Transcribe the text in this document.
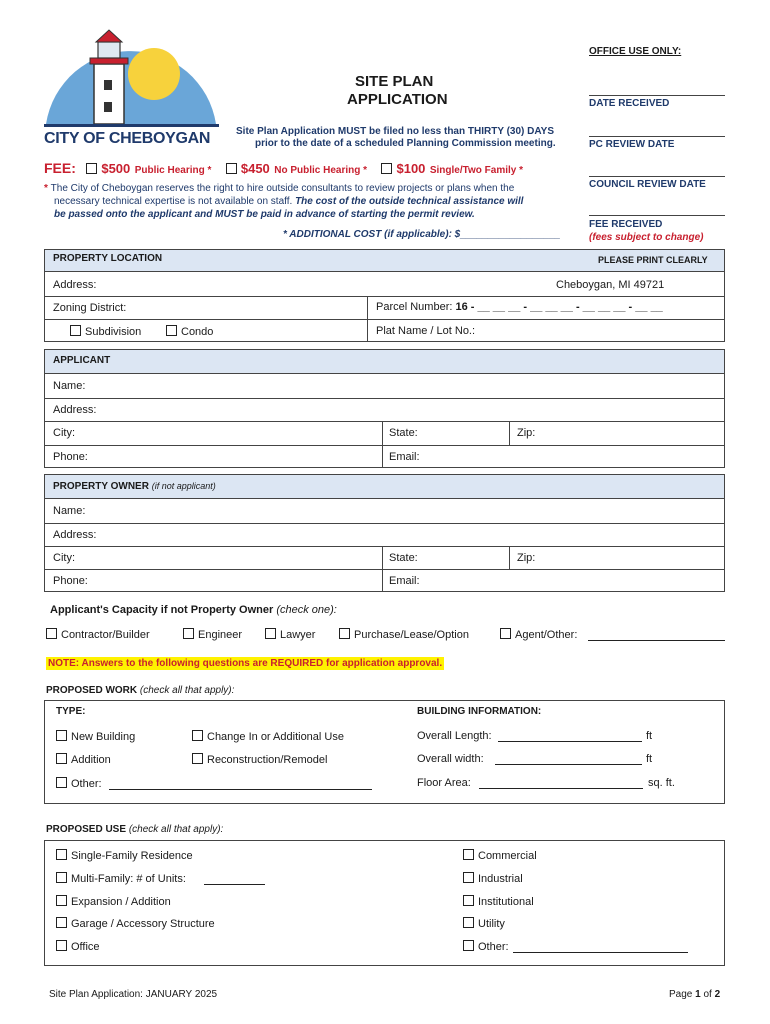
CITY OF CHEBOYGAN
SITE PLAN
APPLICATION
Site Plan Application MUST be filed no less than THIRTY (30) DAYS
prior to the date of a scheduled Planning Commission meeting.
OFFICE USE ONLY:
DATE RECEIVED
PC REVIEW DATE
COUNCIL REVIEW DATE
FEE RECEIVED
(fees subject to change)
FEE: $500 Public Hearing * $450 No Public Hearing * $100 Single/Two Family *
* The City of Cheboygan reserves the right to hire outside consultants to review projects or plans when the
necessary technical expertise is not available on staff. The cost of the outside technical assistance will
be passed onto the applicant and MUST be paid in advance of starting the permit review.
* ADDITIONAL COST (if applicable): $__________________
PROPERTY LOCATION	PLEASE PRINT CLEARLY
Address:	Cheboygan, MI 49721
Zoning District:	Parcel Number: 16 - __ __ __ - __ __ __ - __ __ __ - __ __
Subdivision	Condo	Plat Name / Lot No.:
APPLICANT
Name:
Address:
City:	State:	Zip:
Phone:	Email:
PROPERTY OWNER (if not applicant)
Name:
Address:
City:	State:	Zip:
Phone:	Email:
Applicant's Capacity if not Property Owner (check one):
Contractor/Builder	Engineer	Lawyer	Purchase/Lease/Option	Agent/Other:
NOTE: Answers to the following questions are REQUIRED for application approval.
PROPOSED WORK (check all that apply):
TYPE:	BUILDING INFORMATION:
New Building	Change In or Additional Use
Addition	Reconstruction/Remodel
Other:
Overall Length:	ft
Overall width:	ft
Floor Area:	sq. ft.
PROPOSED USE (check all that apply):
Single-Family Residence
Multi-Family: # of Units:
Expansion / Addition
Garage / Accessory Structure
Office
Commercial
Industrial
Institutional
Utility
Other:
Site Plan Application: JANUARY 2025	Page 1 of 2
